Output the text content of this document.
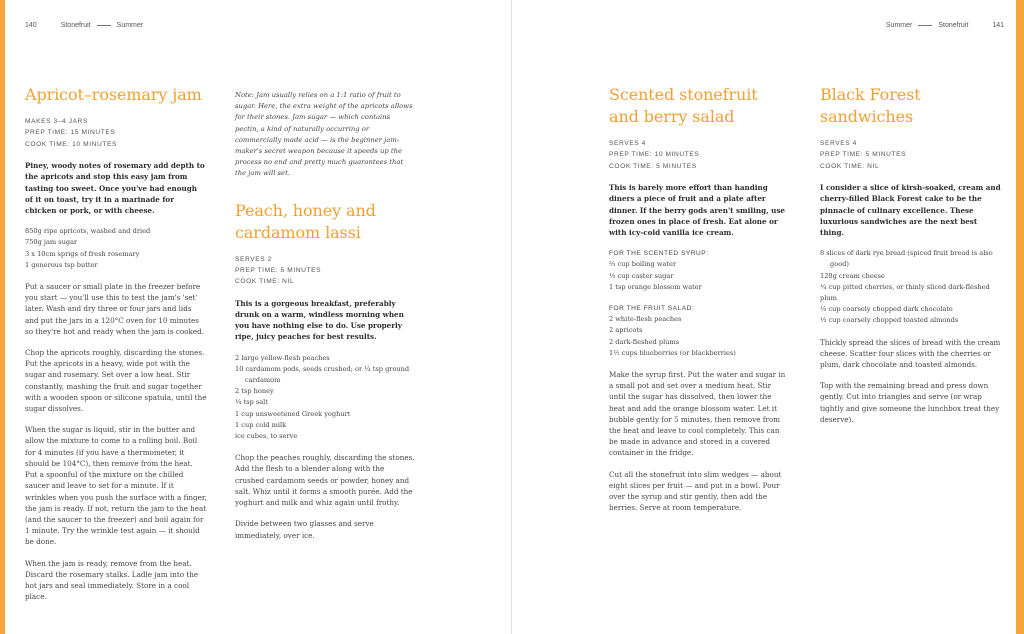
140	Stonefruit	Summer
Apricot–rosemary jam
MAKES 3–4 JARS
PREP TIME: 15 MINUTES
COOK TIME: 10 MINUTES

Piney, woody notes of rosemary add depth to the apricots and stop this easy jam from tasting too sweet. Once you've had enough of it on toast, try it in a marinade for chicken or pork, or with cheese.

850g ripe apricots, washed and dried
750g jam sugar
3 x 10cm sprigs of fresh rosemary
1 generous tsp butter

Put a saucer or small plate in the freezer before you start — you'll use this to test the jam's 'set' later. Wash and dry three or four jars and lids and put the jars in a 120°C oven for 10 minutes so they're hot and ready when the jam is cooked.

Chop the apricots roughly, discarding the stones. Put the apricots in a heavy, wide pot with the sugar and rosemary. Set over a low heat. Stir constantly, mashing the fruit and sugar together with a wooden spoon or silicone spatula, until the sugar dissolves.

When the sugar is liquid, stir in the butter and allow the mixture to come to a rolling boil. Boil for 4 minutes (if you have a thermometer, it should be 104°C), then remove from the heat. Put a spoonful of the mixture on the chilled saucer and leave to set for a minute. If it wrinkles when you push the surface with a finger, the jam is ready. If not, return the jam to the heat (and the saucer to the freezer) and boil again for 1 minute. Try the wrinkle test again — it should be done.

When the jam is ready, remove from the heat. Discard the rosemary stalks. Ladle jam into the hot jars and seal immediately. Store in a cool place.

Note: Jam usually relies on a 1:1 ratio of fruit to sugar. Here, the extra weight of the apricots allows for their stones. Jam sugar — which contains pectin, a kind of naturally occurring or commercially made acid — is the beginner jam-maker's secret weapon because it speeds up the process no end and pretty much guarantees that the jam will set.

Peach, honey and cardamom lassi
SERVES 2
PREP TIME: 5 MINUTES
COOK TIME: NIL

This is a gorgeous breakfast, preferably drunk on a warm, windless morning when you have nothing else to do. Use properly ripe, juicy peaches for best results.

2 large yellow-flesh peaches
10 cardamom pods, seeds crushed; or ¼ tsp ground
cardamom
2 tsp honey
¼ tsp salt
1 cup unsweetened Greek yoghurt
1 cup cold milk
ice cubes, to serve

Chop the peaches roughly, discarding the stones. Add the flesh to a blender along with the crushed cardamom seeds or powder, honey and salt. Whiz until it forms a smooth purée. Add the yoghurt and milk and whiz again until frothy.

Divide between two glasses and serve immediately, over ice.

Summer	Stonefruit	141
Scented stonefruit and berry salad
SERVES 4
PREP TIME: 10 MINUTES
COOK TIME: 5 MINUTES

This is barely more effort than handing diners a piece of fruit and a plate after dinner. If the berry gods aren't smiling, use frozen ones in place of fresh. Eat alone or with icy-cold vanilla ice cream.

FOR THE SCENTED SYRUP:
⅔ cup boiling water
⅓ cup caster sugar
1 tsp orange blossom water
FOR THE FRUIT SALAD:
2 white-flesh peaches
2 apricots
2 dark-fleshed plums
1½ cups blueberries (or blackberries)

Make the syrup first. Put the water and sugar in a small pot and set over a medium heat. Stir until the sugar has dissolved, then lower the heat and add the orange blossom water. Let it bubble gently for 5 minutes, then remove from the heat and leave to cool completely. This can be made in advance and stored in a covered container in the fridge.

Cut all the stonefruit into slim wedges — about eight slices per fruit — and put in a bowl. Pour over the syrup and stir gently, then add the berries. Serve at room temperature.

Black Forest sandwiches
SERVES 4
PREP TIME: 5 MINUTES
COOK TIME: NIL

I consider a slice of kirsh-soaked, cream and cherry-filled Black Forest cake to be the pinnacle of culinary excellence. These luxurious sandwiches are the next best thing.

8 slices of dark rye bread (spiced fruit bread is also
good)
120g cream cheese
¼ cup pitted cherries, or thinly sliced dark-fleshed plum
⅓ cup coarsely chopped dark chocolate
⅓ cup coarsely chopped toasted almonds

Thickly spread the slices of bread with the cream cheese. Scatter four slices with the cherries or plum, dark chocolate and toasted almonds.

Top with the remaining bread and press down gently. Cut into triangles and serve (or wrap tightly and give someone the lunchbox treat they deserve).
